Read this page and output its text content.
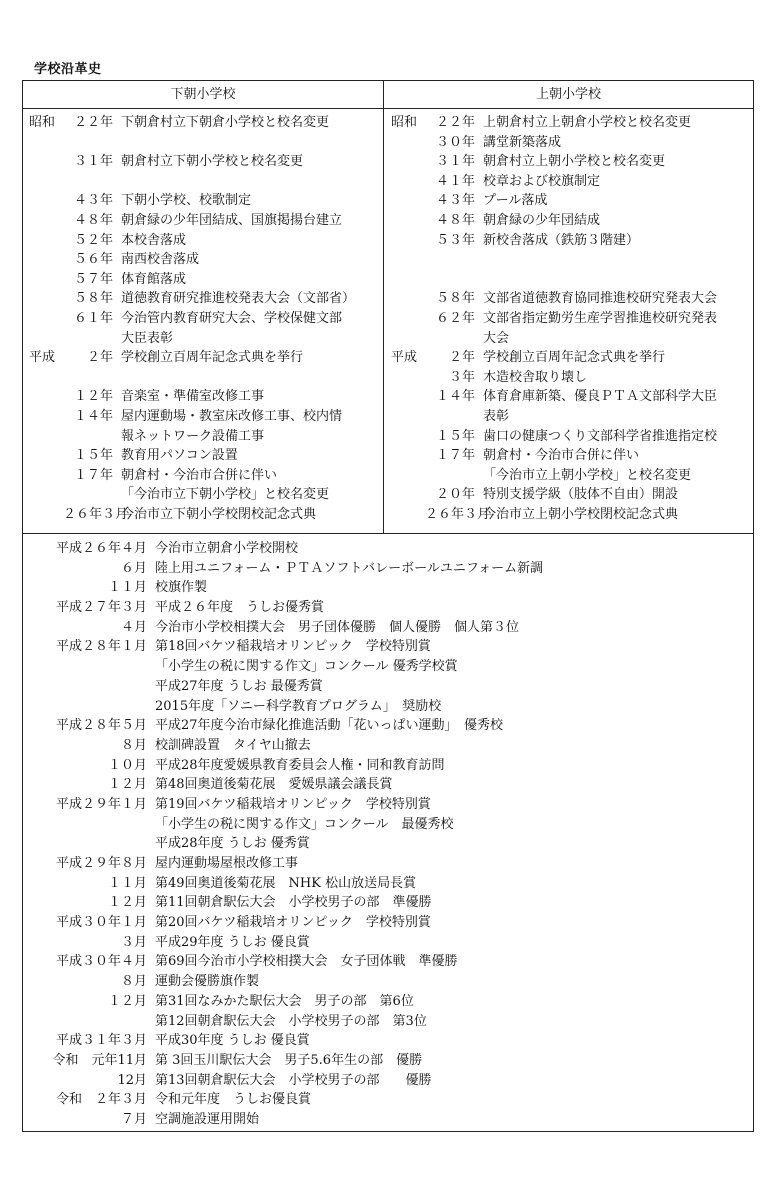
学校沿革史
下朝小学校	上朝小学校
昭和 ２２年 下朝倉村立下朝倉小学校と校名変更
３１年 朝倉村立下朝小学校と校名変更
４３年 下朝小学校、校歌制定
４８年 朝倉緑の少年団結成、国旗掲揚台建立
５２年 本校舎落成
５６年 南西校舎落成
５７年 体育館落成
５８年 道徳教育研究推進校発表大会（文部省）
６１年 今治管内教育研究大会、学校保健文部
大臣表彰
平成 ２年 学校創立百周年記念式典を挙行
１２年 音楽室・準備室改修工事
１４年 屋内運動場・教室床改修工事、校内情
報ネットワーク設備工事
１５年 教育用パソコン設置
１７年 朝倉村・今治市合併に伴い
「今治市立下朝小学校」と校名変更
２６年３月今治市立下朝小学校閉校記念式典
昭和 ２２年 上朝倉村立上朝倉小学校と校名変更
３０年 講堂新築落成
３１年 朝倉村立上朝小学校と校名変更
４１年 校章および校旗制定
４３年 プール落成
４８年 朝倉緑の少年団結成
５３年 新校舎落成（鉄筋３階建）
５８年 文部省道徳教育協同推進校研究発表大会
６２年 文部省指定勤労生産学習推進校研究発表
大会
平成 ２年 学校創立百周年記念式典を挙行
３年 木造校舎取り壊し
１４年 体育倉庫新築、優良ＰＴＡ文部科学大臣
表彰
１５年 歯口の健康つくり文部科学省推進指定校
１７年 朝倉村・今治市合併に伴い
「今治市立上朝小学校」と校名変更
２０年 特別支援学級（肢体不自由）開設
２６年３月今治市立上朝小学校閉校記念式典
平成２６年４月 今治市立朝倉小学校開校
６月 陸上用ユニフォーム・ＰＴＡソフトバレーボールユニフォーム新調
１１月 校旗作製
平成２７年３月 平成２６年度　うしお優秀賞
４月 今治市小学校相撲大会　男子団体優勝　個人優勝　個人第３位
平成２８年１月 第18回バケツ稲栽培オリンピック　学校特別賞
「小学生の税に関する作文」コンクール 優秀学校賞
平成27年度 うしお 最優秀賞
2015年度「ソニー科学教育プログラム」　奨励校
平成２８年５月 平成27年度今治市緑化推進活動「花いっぱい運動」　優秀校
８月 校訓碑設置　タイヤ山撤去
１０月 平成28年度愛媛県教育委員会人権・同和教育訪問
１２月 第48回奥道後菊花展　愛媛県議会議長賞
平成２９年１月 第19回バケツ稲栽培オリンピック　学校特別賞
「小学生の税に関する作文」コンクール　最優秀校
平成28年度 うしお 優秀賞
平成２９年８月 屋内運動場屋根改修工事
１１月 第49回奥道後菊花展　NHK 松山放送局長賞
１２月 第11回朝倉駅伝大会　小学校男子の部　準優勝
平成３０年１月 第20回バケツ稲栽培オリンピック　学校特別賞
３月 平成29年度 うしお 優良賞
平成３０年４月 第69回今治市小学校相撲大会　女子団体戦　準優勝
８月 運動会優勝旗作製
１２月 第31回なみかた駅伝大会　男子の部　第6位
第12回朝倉駅伝大会　小学校男子の部　第3位
平成３１年３月 平成30年度 うしお 優良賞
令和　元年11月 第 3回玉川駅伝大会　男子5.6年生の部　優勝
12月 第13回朝倉駅伝大会　小学校男子の部　　優勝
令和　２年３月 令和元年度　うしお優良賞
７月 空調施設運用開始
